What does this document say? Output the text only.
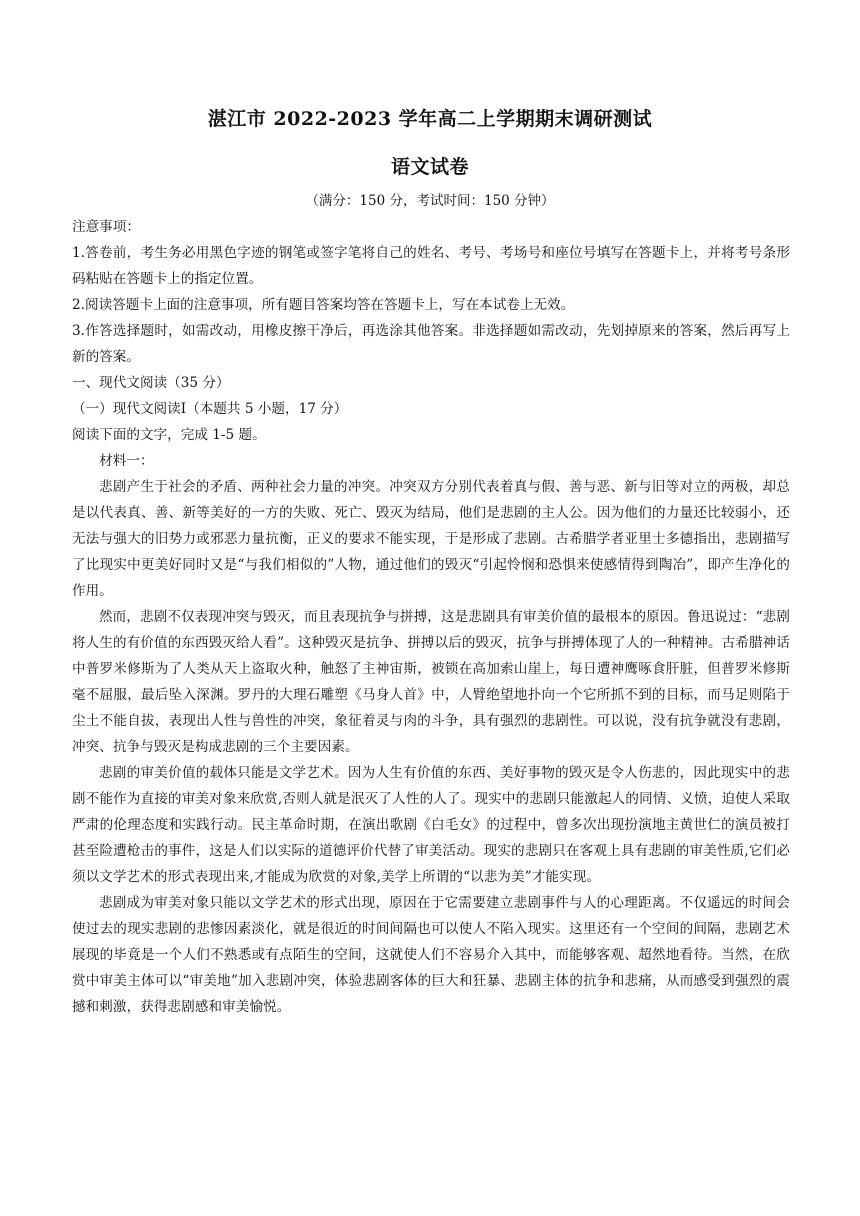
湛江市 2022-2023 学年高二上学期期末调研测试
语文试卷
（满分：150 分，考试时间：150 分钟）

注意事项：

1.答卷前，考生务必用黑色字迹的钢笔或签字笔将自己的姓名、考号、考场号和座位号填写在答题卡上，并将考号条形码粘贴在答题卡上的指定位置。

2.阅读答题卡上面的注意事项，所有题目答案均答在答题卡上，写在本试卷上无效。

3.作答选择题时，如需改动，用橡皮擦干净后，再选涂其他答案。非选择题如需改动，先划掉原来的答案，然后再写上新的答案。

一、现代文阅读（35 分）

（一）现代文阅读Ⅰ（本题共 5 小题，17 分）

阅读下面的文字，完成 1-5 题。

材料一：

悲剧产生于社会的矛盾、两种社会力量的冲突。冲突双方分别代表着真与假、善与恶、新与旧等对立的两极，却总是以代表真、善、新等美好的一方的失败、死亡、毁灭为结局，他们是悲剧的主人公。因为他们的力量还比较弱小，还无法与强大的旧势力或邪恶力量抗衡，正义的要求不能实现，于是形成了悲剧。古希腊学者亚里士多德指出，悲剧描写了比现实中更美好同时又是“与我们相似的”人物，通过他们的毁灭“引起怜悯和恐惧来使感情得到陶冶”，即产生净化的作用。

然而，悲剧不仅表现冲突与毁灭，而且表现抗争与拼搏，这是悲剧具有审美价值的最根本的原因。鲁迅说过：“悲剧将人生的有价值的东西毁灭给人看”。这种毁灭是抗争、拼搏以后的毁灭，抗争与拼搏体现了人的一种精神。古希腊神话中普罗米修斯为了人类从天上盗取火种，触怒了主神宙斯，被锁在高加索山崖上，每日遭神鹰啄食肝脏，但普罗米修斯毫不屈服，最后坠入深渊。罗丹的大理石雕塑《马身人首》中，人臂绝望地扑向一个它所抓不到的目标，而马足则陷于尘土不能自拔，表现出人性与兽性的冲突，象征着灵与肉的斗争，具有强烈的悲剧性。可以说，没有抗争就没有悲剧，冲突、抗争与毁灭是构成悲剧的三个主要因素。

悲剧的审美价值的载体只能是文学艺术。因为人生有价值的东西、美好事物的毁灭是令人伤悲的，因此现实中的悲剧不能作为直接的审美对象来欣赏,否则人就是泯灭了人性的人了。现实中的悲剧只能激起人的同情、义愤，迫使人采取严肃的伦理态度和实践行动。民主革命时期，在演出歌剧《白毛女》的过程中，曾多次出现扮演地主黄世仁的演员被打甚至险遭枪击的事件，这是人们以实际的道德评价代替了审美活动。现实的悲剧只在客观上具有悲剧的审美性质,它们必须以文学艺术的形式表现出来,才能成为欣赏的对象,美学上所谓的“以悲为美”才能实现。

悲剧成为审美对象只能以文学艺术的形式出现，原因在于它需要建立悲剧事件与人的心理距离。不仅遥远的时间会使过去的现实悲剧的悲惨因素淡化，就是很近的时间间隔也可以使人不陷入现实。这里还有一个空间的间隔，悲剧艺术展现的毕竟是一个人们不熟悉或有点陌生的空间，这就使人们不容易介入其中，而能够客观、超然地看待。当然，在欣赏中审美主体可以“审美地”加入悲剧冲突，体验悲剧客体的巨大和狂暴、悲剧主体的抗争和悲痛，从而感受到强烈的震撼和刺激，获得悲剧感和审美愉悦。
